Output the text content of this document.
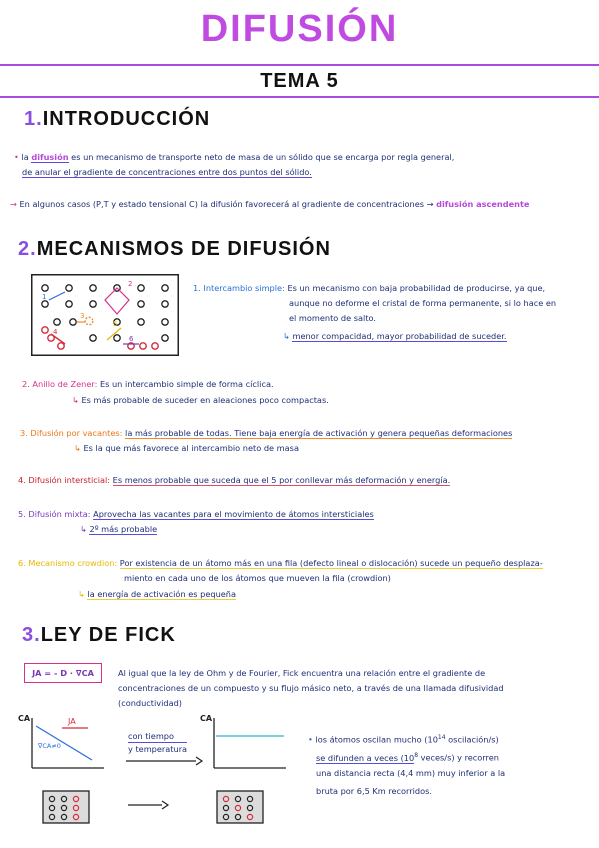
DIFUSIÓN
TEMA 5
1.INTRODUCCIÓN
• la difusión es un mecanismo de transporte neto de masa de un sólido que se encarga por regla general,
de anular el gradiente de concentraciones entre dos puntos del sólido.
→ En algunos casos (P,T y estado tensional C) la difusión favorecerá al gradiente de concentraciones → difusión ascendente
2.MECANISMOS DE DIFUSIÓN
1
2
3
4
5
6
1. Intercambio simple: Es un mecanismo con baja probabilidad de producirse, ya que,
aunque no deforme el cristal de forma permanente, si lo hace en
el momento de salto.
↳ menor compacidad, mayor probabilidad de suceder.
2. Anillo de Zener: Es un intercambio simple de forma cíclica.
↳ Es más probable de suceder en aleaciones poco compactas.
3. Difusión por vacantes: la más probable de todas. Tiene baja energía de activación y genera pequeñas deformaciones
↳ Es la que más favorece al intercambio neto de masa
4. Difusión intersticial: Es menos probable que suceda que el 5 por conllevar más deformación y energía.
5. Difusión mixta: Aprovecha las vacantes para el movimiento de átomos intersticiales
↳ 2º más probable
6. Mecanismo crowdion: Por existencia de un átomo más en una fila (defecto lineal o dislocación) sucede un pequeño desplaza-
miento en cada uno de los átomos que mueven la fila (crowdion)
↳ la energía de activación es pequeña
3.LEY DE FICK
JA = - D · ∇CA	Al igual que la ley de Ohm y de Fourier, Fick encuentra una relación entre el gradiente de
concentraciones de un compuesto y su flujo másico neto, a través de una llamada difusividad
(conductividad)
CA	JA
∇CA≠0
con tiempo
y temperatura
CA
• los átomos oscilan mucho ($10^{14}$ oscilación/s)
se difunden a veces ($10^8$ veces/s) y recorren
una distancia recta (4,4 mm) muy inferior a la
bruta por 6,5 Km recorridos.
